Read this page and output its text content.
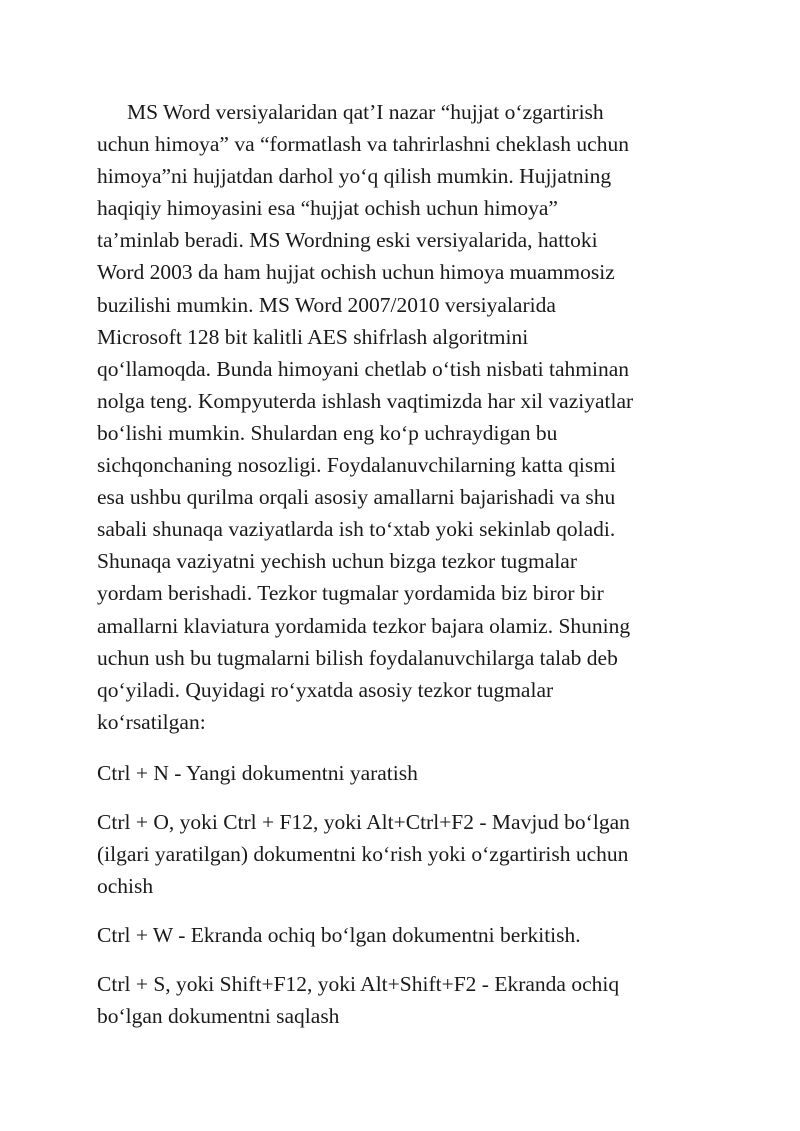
MS Word versiyalaridan qat’I nazar “hujjat o‘zgartirish
uchun himoya” va “formatlash va tahrirlashni cheklash uchun
himoya”ni hujjatdan darhol yo‘q qilish mumkin. Hujjatning
haqiqiy himoyasini esa “hujjat ochish uchun himoya”
ta’minlab beradi. MS Wordning eski versiyalarida, hattoki
Word 2003 da ham hujjat ochish uchun himoya muammosiz
buzilishi mumkin. MS Word 2007/2010 versiyalarida
Microsoft 128 bit kalitli AES shifrlash algoritmini
qo‘llamoqda. Bunda himoyani chetlab o‘tish nisbati tahminan
nolga teng. Kompyuterda ishlash vaqtimizda har xil vaziyatlar
bo‘lishi mumkin. Shulardan eng ko‘p uchraydigan bu
sichqonchaning nosozligi. Foydalanuvchilarning katta qismi
esa ushbu qurilma orqali asosiy amallarni bajarishadi va shu
sabali shunaqa vaziyatlarda ish to‘xtab yoki sekinlab qoladi.
Shunaqa vaziyatni yechish uchun bizga tezkor tugmalar
yordam berishadi. Tezkor tugmalar yordamida biz biror bir
amallarni klaviatura yordamida tezkor bajara olamiz. Shuning
uchun ush bu tugmalarni bilish foydalanuvchilarga talab deb
qo‘yiladi. Quyidagi ro‘yxatda asosiy tezkor tugmalar
ko‘rsatilgan:

Ctrl + N - Yangi dokumentni yaratish

Ctrl + O, yoki Ctrl + F12, yoki Alt+Ctrl+F2 - Mavjud bo‘lgan
(ilgari yaratilgan) dokumentni ko‘rish yoki o‘zgartirish uchun
ochish

Ctrl + W - Ekranda ochiq bo‘lgan dokumentni berkitish.

Ctrl + S, yoki Shift+F12, yoki Alt+Shift+F2 - Ekranda ochiq
bo‘lgan dokumentni saqlash
